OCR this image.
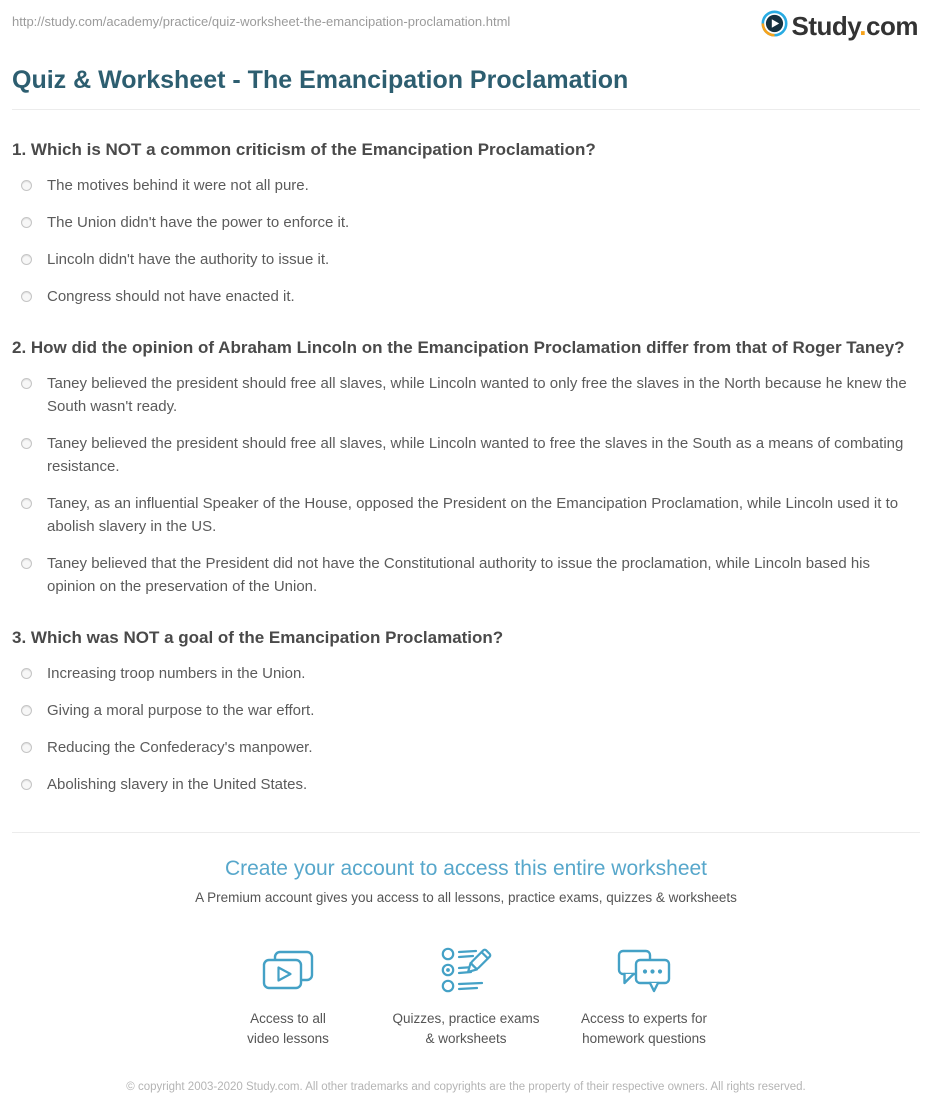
http://study.com/academy/practice/quiz-worksheet-the-emancipation-proclamation.html	Study.com
Quiz & Worksheet - The Emancipation Proclamation
1. Which is NOT a common criticism of the Emancipation Proclamation?
The motives behind it were not all pure.
The Union didn't have the power to enforce it.
Lincoln didn't have the authority to issue it.
Congress should not have enacted it.
2. How did the opinion of Abraham Lincoln on the Emancipation Proclamation differ from that of Roger Taney?
Taney believed the president should free all slaves, while Lincoln wanted to only free the slaves in the North because he knew the South wasn't ready.
Taney believed the president should free all slaves, while Lincoln wanted to free the slaves in the South as a means of combating resistance.
Taney, as an influential Speaker of the House, opposed the President on the Emancipation Proclamation, while Lincoln used it to abolish slavery in the US.
Taney believed that the President did not have the Constitutional authority to issue the proclamation, while Lincoln based his opinion on the preservation of the Union.
3. Which was NOT a goal of the Emancipation Proclamation?
Increasing troop numbers in the Union.
Giving a moral purpose to the war effort.
Reducing the Confederacy's manpower.
Abolishing slavery in the United States.
Create your account to access this entire worksheet
A Premium account gives you access to all lessons, practice exams, quizzes & worksheets
Access to all
video lessons
Quizzes, practice exams
& worksheets
Access to experts for
homework questions
© copyright 2003-2020 Study.com. All other trademarks and copyrights are the property of their respective owners. All rights reserved.
